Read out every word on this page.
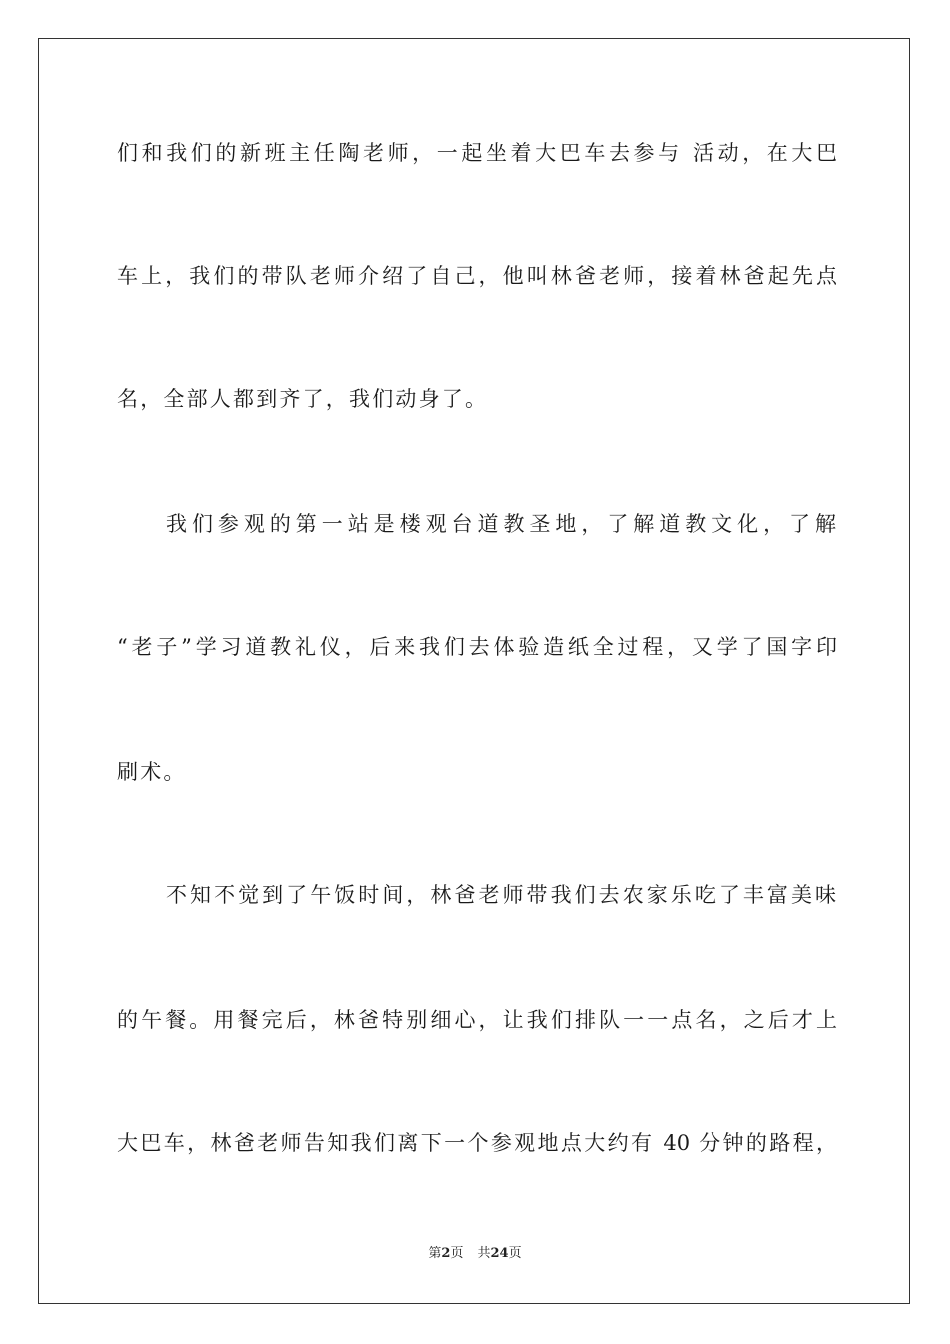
们和我们的新班主任陶老师，一起坐着大巴车去参与 活动，在大巴
车上，我们的带队老师介绍了自己，他叫林爸老师，接着林爸起先点
名，全部人都到齐了，我们动身了。
我们参观的第一站是楼观台道教圣地，了解道教文化，了解
“老子”学习道教礼仪，后来我们去体验造纸全过程，又学了国字印
刷术。
不知不觉到了午饭时间，林爸老师带我们去农家乐吃了丰富美味
的午餐。用餐完后，林爸特别细心，让我们排队一一点名，之后才上
大巴车，林爸老师告知我们离下一个参观地点大约有 40 分钟的路程，
第2页 共24页
